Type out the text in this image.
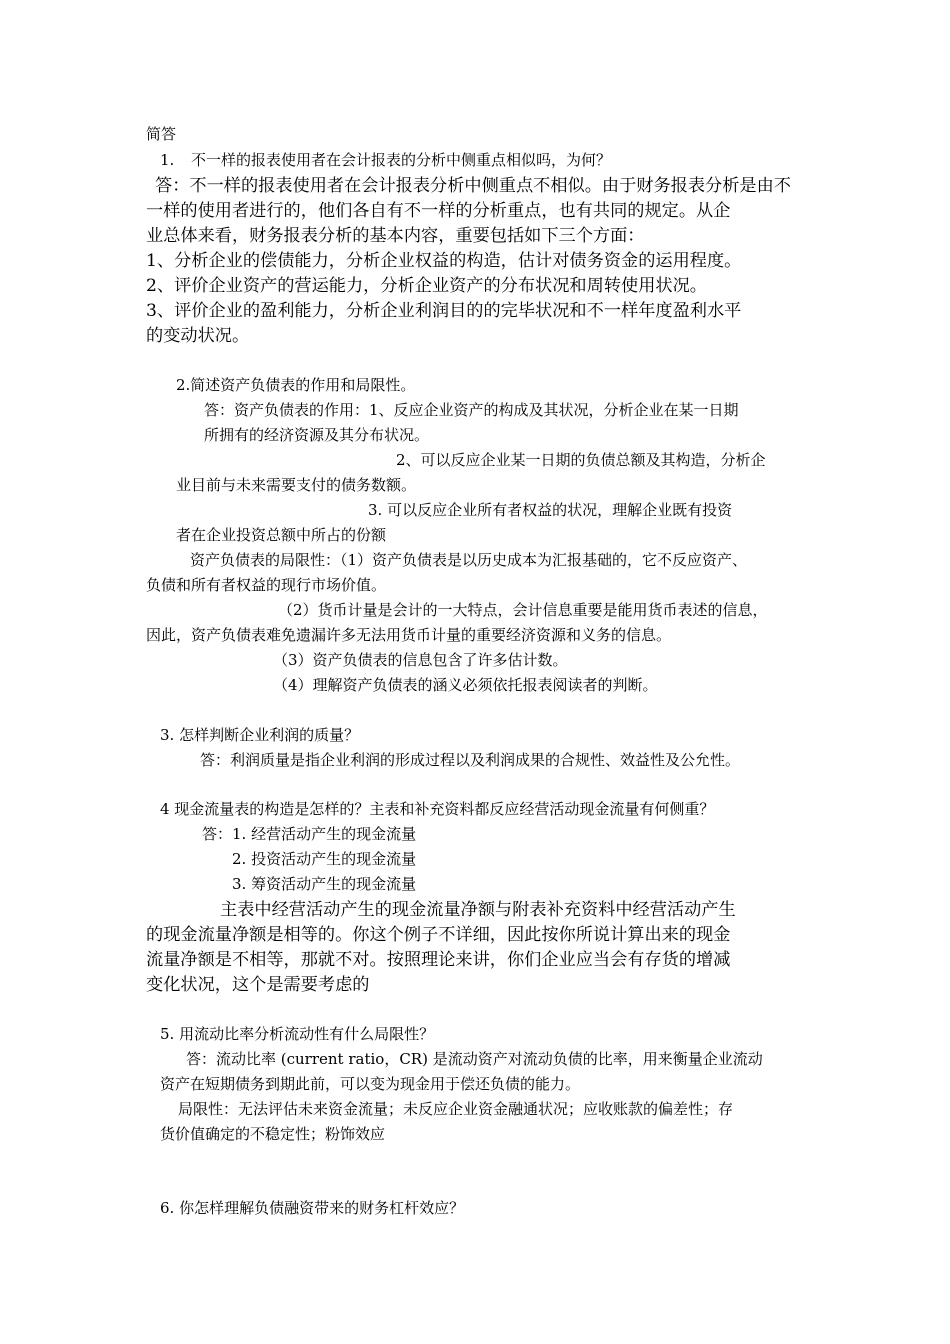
简答
1. 不一样的报表使用者在会计报表的分析中侧重点相似吗，为何？
答：不一样的报表使用者在会计报表分析中侧重点不相似。由于财务报表分析是由不
一样的使用者进行的，他们各自有不一样的分析重点，也有共同的规定。从企
业总体来看，财务报表分析的基本内容，重要包括如下三个方面：
1、分析企业的偿债能力，分析企业权益的构造，估计对债务资金的运用程度。
2、评价企业资产的营运能力，分析企业资产的分布状况和周转使用状况。
3、评价企业的盈利能力，分析企业利润目的的完毕状况和不一样年度盈利水平
的变动状况。
2.简述资产负债表的作用和局限性。
答：资产负债表的作用：1、反应企业资产的构成及其状况，分析企业在某一日期
所拥有的经济资源及其分布状况。
2、可以反应企业某一日期的负债总额及其构造，分析企
业目前与未来需要支付的债务数额。
3. 可以反应企业所有者权益的状况，理解企业既有投资
者在企业投资总额中所占的份额
资产负债表的局限性：（1）资产负债表是以历史成本为汇报基础的，它不反应资产、
负债和所有者权益的现行市场价值。
（2）货币计量是会计的一大特点，会计信息重要是能用货币表述的信息，
因此，资产负债表难免遗漏许多无法用货币计量的重要经济资源和义务的信息。
（3）资产负债表的信息包含了许多估计数。
（4）理解资产负债表的涵义必须依托报表阅读者的判断。
3. 怎样判断企业利润的质量？
答：利润质量是指企业利润的形成过程以及利润成果的合规性、效益性及公允性。
4 现金流量表的构造是怎样的？主表和补充资料都反应经营活动现金流量有何侧重？
答：1. 经营活动产生的现金流量
2. 投资活动产生的现金流量
3. 筹资活动产生的现金流量
主表中经营活动产生的现金流量净额与附表补充资料中经营活动产生
的现金流量净额是相等的。你这个例子不详细，因此按你所说计算出来的现金
流量净额是不相等，那就不对。按照理论来讲，你们企业应当会有存货的增减
变化状况，这个是需要考虑的
5. 用流动比率分析流动性有什么局限性？
答：流动比率 (current ratio，CR) 是流动资产对流动负债的比率，用来衡量企业流动
资产在短期债务到期此前，可以变为现金用于偿还负债的能力。
局限性：无法评估未来资金流量；未反应企业资金融通状况；应收账款的偏差性；存
货价值确定的不稳定性；粉饰效应
6. 你怎样理解负债融资带来的财务杠杆效应？
